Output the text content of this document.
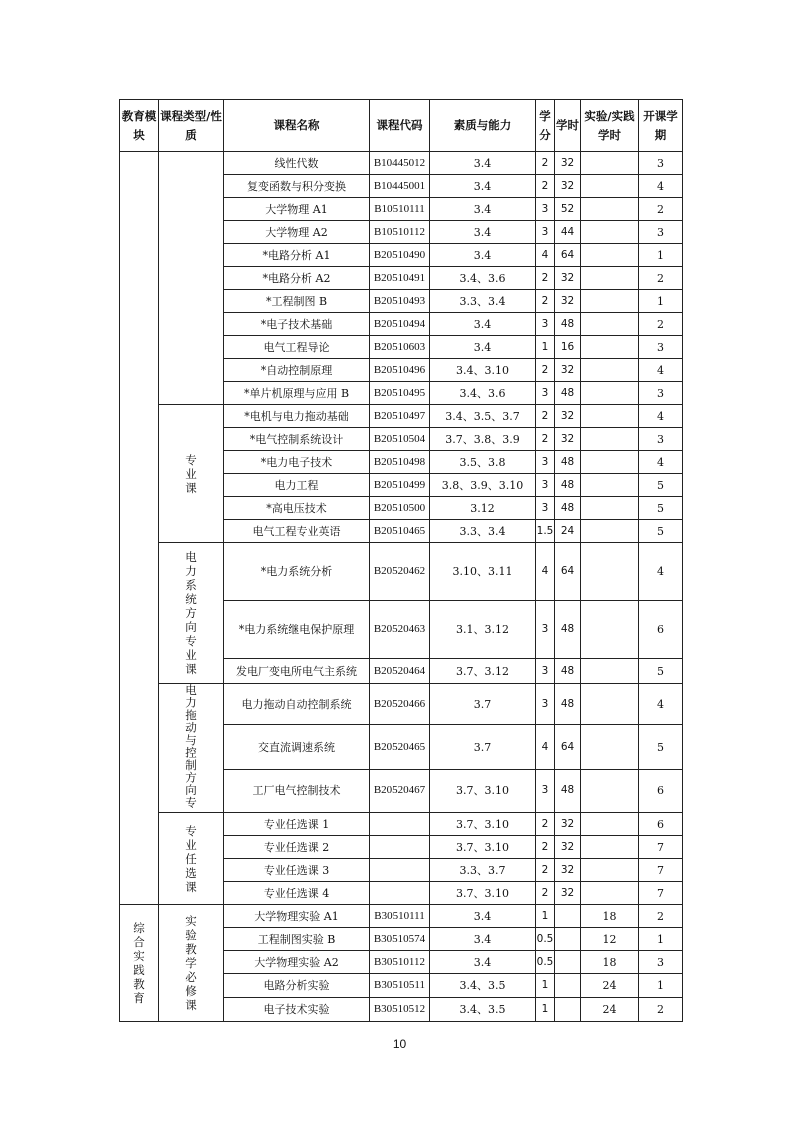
教育模块	课程类型/性质	课程名称	课程代码	素质与能力	学分	学时	实验/实践学时	开课学期
		线性代数	B10445012	3.4	2	32		3
		复变函数与积分变换	B10445001	3.4	2	32		4
		大学物理 A1	B10510111	3.4	3	52		2
		大学物理 A2	B10510112	3.4	3	44		3
		*电路分析 A1	B20510490	3.4	4	64		1
		*电路分析 A2	B20510491	3.4、3.6	2	32		2
		*工程制图 B	B20510493	3.3、3.4	2	32		1
		*电子技术基础	B20510494	3.4	3	48		2
		电气工程导论	B20510603	3.4	1	16		3
		*自动控制原理	B20510496	3.4、3.10	2	32		4
		*单片机原理与应用 B	B20510495	3.4、3.6	3	48		3
	专业课	*电机与电力拖动基础	B20510497	3.4、3.5、3.7	2	32		4
		*电气控制系统设计	B20510504	3.7、3.8、3.9	2	32		3
		*电力电子技术	B20510498	3.5、3.8	3	48		4
		电力工程	B20510499	3.8、3.9、3.10	3	48		5
		*高电压技术	B20510500	3.12	3	48		5
		电气工程专业英语	B20510465	3.3、3.4	1.5	24		5
	电力系统方向专业课	*电力系统分析	B20520462	3.10、3.11	4	64		4
		*电力系统继电保护原理	B20520463	3.1、3.12	3	48		6
		发电厂变电所电气主系统	B20520464	3.7、3.12	3	48		5
	电力拖动与控制方向专	电力拖动自动控制系统	B20520466	3.7	3	48		4
		交直流调速系统	B20520465	3.7	4	64		5
		工厂电气控制技术	B20520467	3.7、3.10	3	48		6
	专业任选课	专业任选课 1		3.7、3.10	2	32		6
		专业任选课 2		3.7、3.10	2	32		7
		专业任选课 3		3.3、3.7	2	32		7
		专业任选课 4		3.7、3.10	2	32		7
综合实践教育	实验教学必修课	大学物理实验 A1	B30510111	3.4	1		18	2
		工程制图实验 B	B30510574	3.4	0.5		12	1
		大学物理实验 A2	B30510112	3.4	0.5		18	3
		电路分析实验	B30510511	3.4、3.5	1		24	1
		电子技术实验	B30510512	3.4、3.5	1		24	2
10
